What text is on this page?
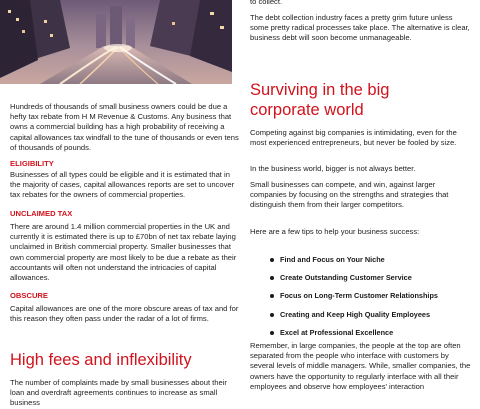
Hundreds of thousands of small business owners could be due a hefty tax rebate from H M Revenue & Customs. Any business that owns a commercial building has a high probability of receiving a capital allowances tax windfall to the tune of thousands or even tens of thousands of pounds.
ELIGIBILITY
Businesses of all types could be eligible and it is estimated that in the majority of cases, capital allowances reports are set to uncover tax rebates for the owners of commercial properties.
UNCLAIMED TAX
There are around 1.4 million commercial properties in the UK and currently it is estimated there is up to £70bn of net tax rebate laying unclaimed in British commercial property. Smaller businesses that own commercial property are most likely to be due a rebate as their accountants will often not understand the intricacies of capital allowances.
OBSCURE
Capital allowances are one of the more obscure areas of tax and for this reason they often pass under the radar of a lot of firms.
High fees and inflexibility
The number of complaints made by small businesses about their loan and overdraft agreements continues to increase as small business
to collect.
The debt collection industry faces a pretty grim future unless some pretty radical processes take place. The alternative is clear, business debt will soon become unmanageable.
Surviving in the big
corporate world
Competing against big companies is intimidating, even for the most experienced entrepreneurs, but never be fooled by size.
In the business world, bigger is not always better.
Small businesses can compete, and win, against larger companies by focusing on the strengths and strategies that distinguish them from their larger competitors.
Here are a few tips to help your business success:
Find and Focus on Your Niche
Create Outstanding Customer Service
Focus on Long-Term Customer Relationships
Creating and Keep High Quality Employees
Excel at Professional Excellence
Remember, in large companies, the people at the top are often separated from the people who interface with customers by several levels of middle managers. While, smaller companies, the owners have the opportunity to regularly interface with all their employees and observe how employees' interaction
